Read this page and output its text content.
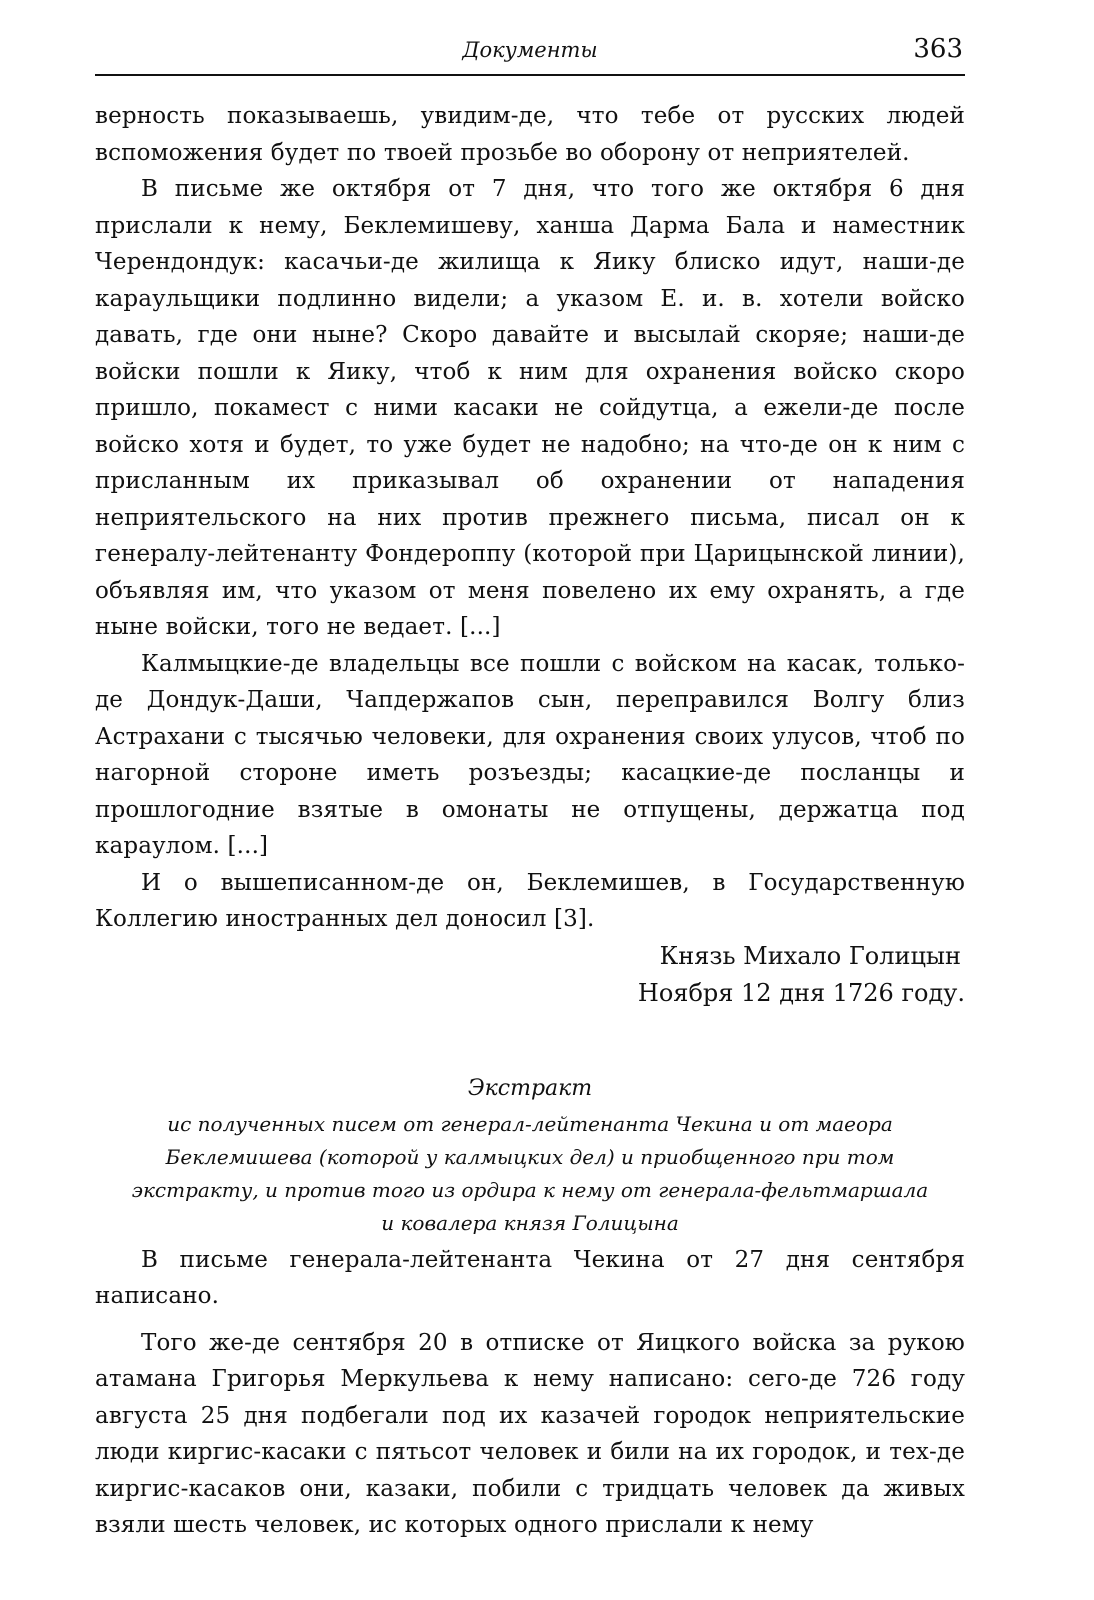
Документы	363

верность показываешь, увидим-де, что тебе от русских людей вспоможения будет по твоей прозьбе во оборону от неприятелей.

В письме же октября от 7 дня, что того же октября 6 дня прислали к нему, Беклемишеву, ханша Дарма Бала и наместник Черендондук: касачьи-де жилища к Яику блиско идут, наши-де караульщики подлинно видели; а указом Е. и. в. хотели войско давать, где они ныне? Скоро давайте и высылай скоряе; наши-де войски пошли к Яику, чтоб к ним для охранения войско скоро пришло, покамест с ними касаки не сойдутца, а ежели-де после войско хотя и будет, то уже будет не надобно; на что-де он к ним с присланным их приказывал об охранении от нападения неприятельского на них против прежнего письма, писал он к генералу-лейтенанту Фондероппу (которой при Царицынской линии), объявляя им, что указом от меня повелено их ему охранять, а где ныне войски, того не ведает. [...]

Калмыцкие-де владельцы все пошли с войском на касак, только-де Дондук-Даши, Чапдержапов сын, переправился Волгу близ Астрахани с тысячью человеки, для охранения своих улусов, чтоб по нагорной стороне иметь розъезды; касацкие-де посланцы и прошлогодние взятые в омонаты не отпущены, держатца под караулом. [...]

И о вышеписанном-де он, Беклемишев, в Государственную Коллегию иностранных дел доносил [3].

Князь Михало Голицын

Ноября 12 дня 1726 году.

Экстракт
ис полученных писем от генерал-лейтенанта Чекина и от маеора Беклемишева (которой у калмыцких дел) и приобщенного при том экстракту, и против того из ордира к нему от генерала-фельтмаршала и ковалера князя Голицына

В письме генерала-лейтенанта Чекина от 27 дня сентября написано.

Того же-де сентября 20 в отписке от Яицкого войска за рукою атамана Григорья Меркульева к нему написано: сего-де 726 году августа 25 дня подбегали под их казачей городок неприятельские люди киргис-касаки с пятьсот человек и били на их городок, и тех-де киргис-касаков они, казаки, побили с тридцать человек да живых взяли шесть человек, ис которых одного прислали к нему
